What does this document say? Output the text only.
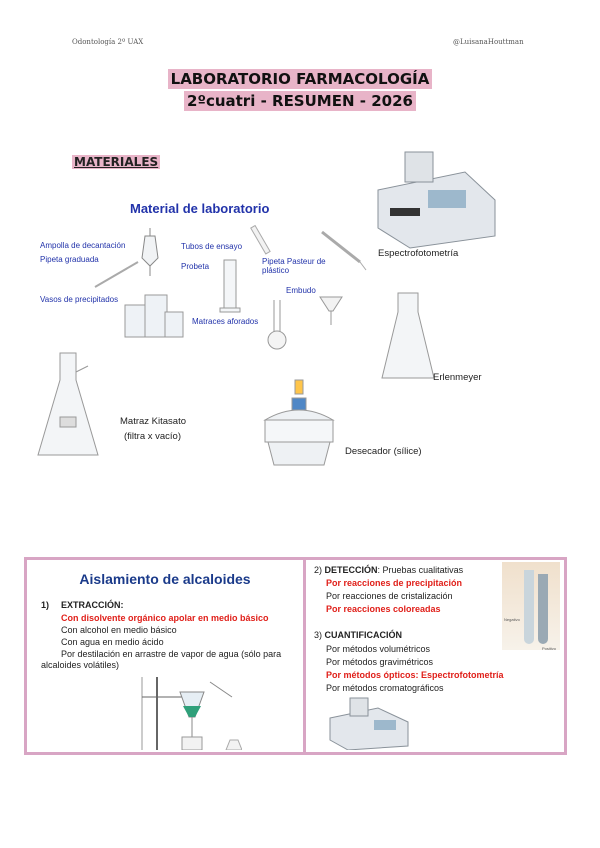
Odontología 2º UAX	@LuisanaHouttman
LABORATORIO FARMACOLOGÍA
2ºcuatri - RESUMEN - 2026
MATERIALES
Material de laboratorio
Ampolla de decantación
Pipeta graduada
Vasos de precipitados
Tubos de ensayo
Probeta
Pipeta Pasteur de plástico
Embudo
Matraces aforados
Espectrofotometría
Erlenmeyer
Matraz Kitasato
(filtra x vacío)
Desecador (sílice)
Aislamiento de alcaloides
1) EXTRACCIÓN:
Con disolvente orgánico apolar en medio básico
Con alcohol en medio básico
Con agua en medio ácido
Por destilación en arrastre de vapor de agua (sólo para alcaloides volátiles)
2) DETECCIÓN: Pruebas cualitativas
Por reacciones de precipitación
Por reacciones de cristalización
Por reacciones coloreadas
3) CUANTIFICACIÓN
Por métodos volumétricos
Por métodos gravimétricos
Por métodos ópticos: Espectrofotometría
Por métodos cromatográficos
Negativo
Positivo
